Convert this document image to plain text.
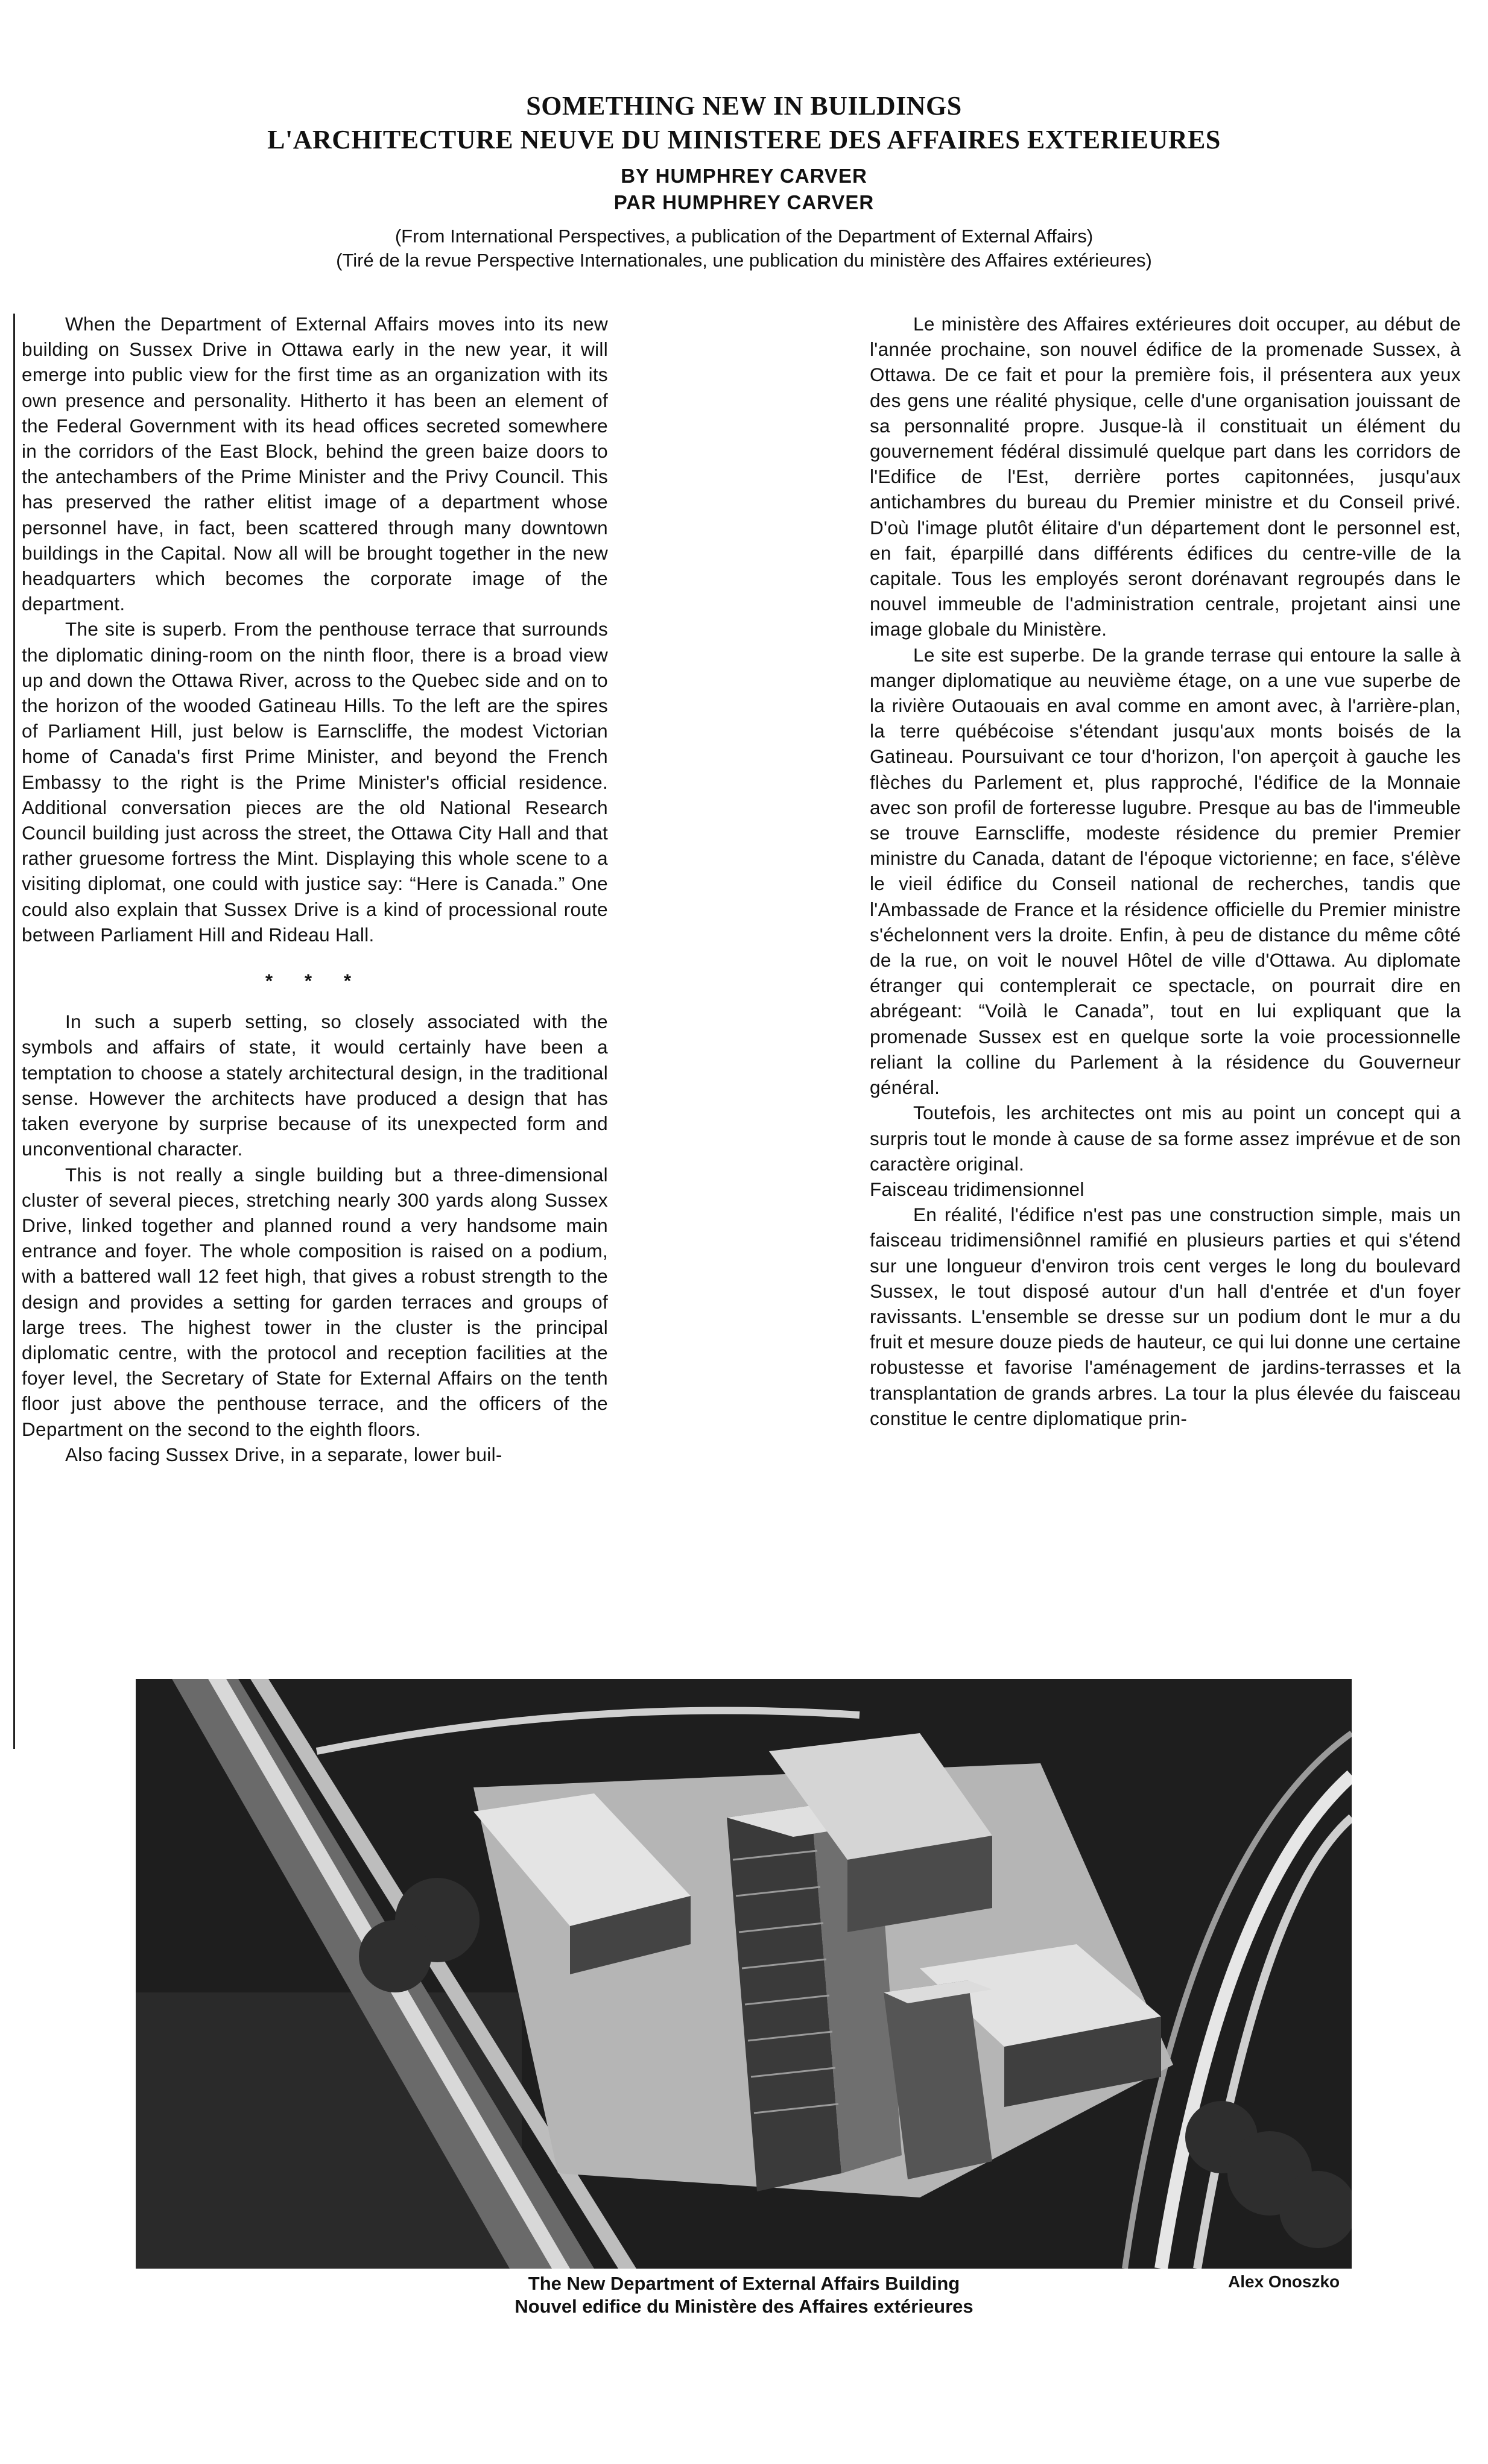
SOMETHING NEW IN BUILDINGS
L'ARCHITECTURE NEUVE DU MINISTERE DES AFFAIRES EXTERIEURES
BY HUMPHREY CARVER
PAR HUMPHREY CARVER
(From International Perspectives, a publication of the Department of External Affairs)
(Tiré de la revue Perspective Internationales, une publication du ministère des Affaires extérieures)

When the Department of External Affairs moves into its new building on Sussex Drive in Ottawa early in the new year, it will emerge into public view for the first time as an organization with its own presence and personality. Hitherto it has been an element of the Federal Government with its head offices secreted somewhere in the corridors of the East Block, behind the green baize doors to the antechambers of the Prime Minister and the Privy Council. This has preserved the rather elitist image of a department whose personnel have, in fact, been scattered through many downtown buildings in the Capital. Now all will be brought together in the new headquarters which becomes the corporate image of the department.

The site is superb. From the penthouse terrace that surrounds the diplomatic dining-room on the ninth floor, there is a broad view up and down the Ottawa River, across to the Quebec side and on to the horizon of the wooded Gatineau Hills. To the left are the spires of Parliament Hill, just below is Earnscliffe, the modest Victorian home of Canada's first Prime Minister, and beyond the French Embassy to the right is the Prime Minister's official residence. Additional conversation pieces are the old National Research Council building just across the street, the Ottawa City Hall and that rather gruesome fortress the Mint. Displaying this whole scene to a visiting diplomat, one could with justice say: “Here is Canada.” One could also explain that Sussex Drive is a kind of processional route between Parliament Hill and Rideau Hall.

* * *

In such a superb setting, so closely associated with the symbols and affairs of state, it would certainly have been a temptation to choose a stately architectural design, in the traditional sense. However the architects have produced a design that has taken everyone by surprise because of its unexpected form and unconventional character.

This is not really a single building but a three-dimensional cluster of several pieces, stretching nearly 300 yards along Sussex Drive, linked together and planned round a very handsome main entrance and foyer. The whole composition is raised on a podium, with a battered wall 12 feet high, that gives a robust strength to the design and provides a setting for garden terraces and groups of large trees. The highest tower in the cluster is the principal diplomatic centre, with the protocol and reception facilities at the foyer level, the Secretary of State for External Affairs on the tenth floor just above the penthouse terrace, and the officers of the Department on the second to the eighth floors.

Also facing Sussex Drive, in a separate, lower buil-

Le ministère des Affaires extérieures doit occuper, au début de l'année prochaine, son nouvel édifice de la promenade Sussex, à Ottawa. De ce fait et pour la première fois, il présentera aux yeux des gens une réalité physique, celle d'une organisation jouissant de sa personnalité propre. Jusque-là il constituait un élément du gouvernement fédéral dissimulé quelque part dans les corridors de l'Edifice de l'Est, derrière portes capitonnées, jusqu'aux antichambres du bureau du Premier ministre et du Conseil privé. D'où l'image plutôt élitaire d'un département dont le personnel est, en fait, éparpillé dans différents édifices du centre-ville de la capitale. Tous les employés seront dorénavant regroupés dans le nouvel immeuble de l'administration centrale, projetant ainsi une image globale du Ministère.

Le site est superbe. De la grande terrase qui entoure la salle à manger diplomatique au neuvième étage, on a une vue superbe de la rivière Outaouais en aval comme en amont avec, à l'arrière-plan, la terre québécoise s'étendant jusqu'aux monts boisés de la Gatineau. Poursuivant ce tour d'horizon, l'on aperçoit à gauche les flèches du Parlement et, plus rapproché, l'édifice de la Monnaie avec son profil de forteresse lugubre. Presque au bas de l'immeuble se trouve Earnscliffe, modeste résidence du premier Premier ministre du Canada, datant de l'époque victorienne; en face, s'élève le vieil édifice du Conseil national de recherches, tandis que l'Ambassade de France et la résidence officielle du Premier ministre s'échelonnent vers la droite. Enfin, à peu de distance du même côté de la rue, on voit le nouvel Hôtel de ville d'Ottawa. Au diplomate étranger qui contemplerait ce spectacle, on pourrait dire en abrégeant: “Voilà le Canada”, tout en lui expliquant que la promenade Sussex est en quelque sorte la voie processionnelle reliant la colline du Parlement à la résidence du Gouverneur général.

Toutefois, les architectes ont mis au point un concept qui a surpris tout le monde à cause de sa forme assez imprévue et de son caractère original.

Faisceau tridimensionnel

En réalité, l'édifice n'est pas une construction simple, mais un faisceau tridimensiônnel ramifié en plusieurs parties et qui s'étend sur une longueur d'environ trois cent verges le long du boulevard Sussex, le tout disposé autour d'un hall d'entrée et d'un foyer ravissants. L'ensemble se dresse sur un podium dont le mur a du fruit et mesure douze pieds de hauteur, ce qui lui donne une certaine robustesse et favorise l'aménagement de jardins-terrasses et la transplantation de grands arbres. La tour la plus élevée du faisceau constitue le centre diplomatique prin-

The New Department of External Affairs Building
Nouvel edifice du Ministère des Affaires extérieures
Alex Onoszko
